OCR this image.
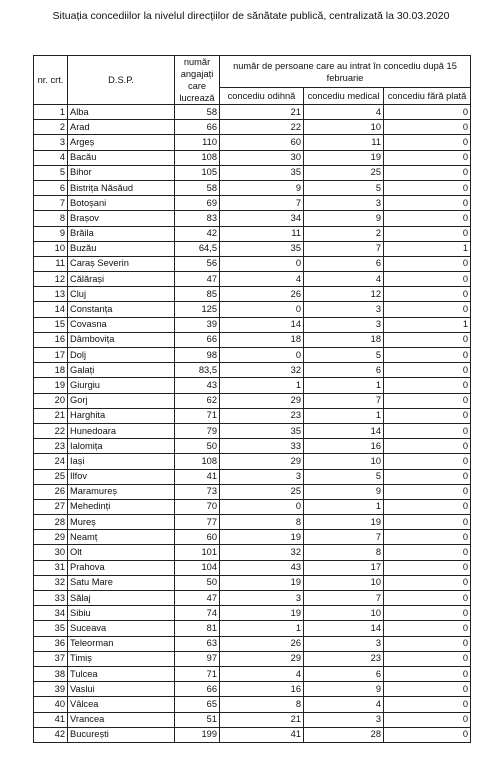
Situația concediilor la nivelul direcțiilor de sănătate publică, centralizată la 30.03.2020
nr. crt.	D.S.P.	număr angajați care lucrează	număr de persoane care au intrat în concediu după 15 februarie		
			concediu odihnă	concediu medical	concediu fără plată
1	Alba	58	21	4	0
2	Arad	66	22	10	0
3	Argeș	110	60	11	0
4	Bacău	108	30	19	0
5	Bihor	105	35	25	0
6	Bistrița Năsăud	58	9	5	0
7	Botoșani	69	7	3	0
8	Brașov	83	34	9	0
9	Brăila	42	11	2	0
10	Buzău	64,5	35	7	1
11	Caraș Severin	56	0	6	0
12	Călărași	47	4	4	0
13	Cluj	85	26	12	0
14	Constanța	125	0	3	0
15	Covasna	39	14	3	1
16	Dâmbovița	66	18	18	0
17	Dolj	98	0	5	0
18	Galați	83,5	32	6	0
19	Giurgiu	43	1	1	0
20	Gorj	62	29	7	0
21	Harghita	71	23	1	0
22	Hunedoara	79	35	14	0
23	Ialomița	50	33	16	0
24	Iași	108	29	10	0
25	Ilfov	41	3	5	0
26	Maramureș	73	25	9	0
27	Mehedinți	70	0	1	0
28	Mureș	77	8	19	0
29	Neamț	60	19	7	0
30	Olt	101	32	8	0
31	Prahova	104	43	17	0
32	Satu Mare	50	19	10	0
33	Sălaj	47	3	7	0
34	Sibiu	74	19	10	0
35	Suceava	81	1	14	0
36	Teleorman	63	26	3	0
37	Timiș	97	29	23	0
38	Tulcea	71	4	6	0
39	Vaslui	66	16	9	0
40	Vâlcea	65	8	4	0
41	Vrancea	51	21	3	0
42	București	199	41	28	0
